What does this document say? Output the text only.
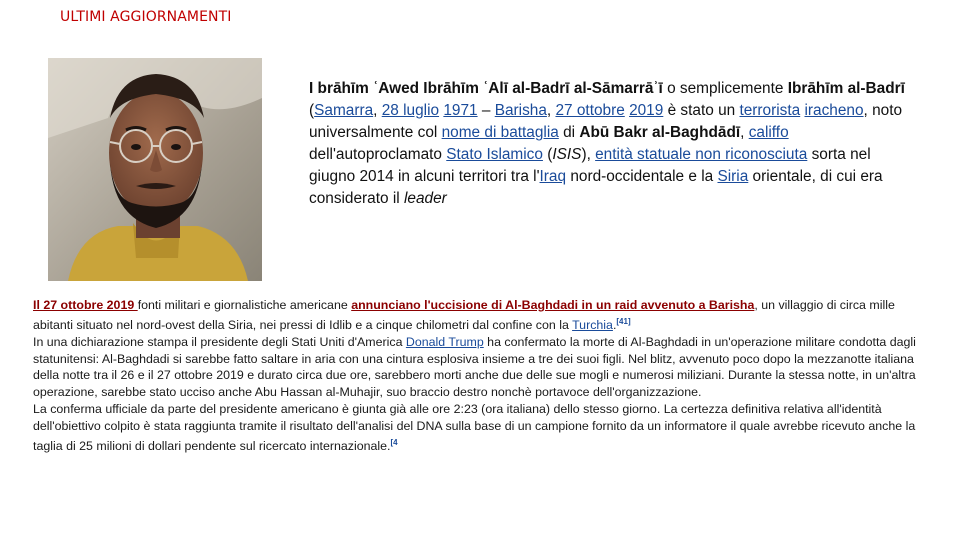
ULTIMI AGGIORNAMENTI
I brāhīm ʿAwed Ibrāhīm ʿAlī al-Badrī al-Sāmarrāʾī o semplicemente Ibrāhīm al-Badrī (Samarra, 28 luglio 1971 – Barisha, 27 ottobre 2019 è stato un terrorista iracheno, noto universalmente col nome di battaglia di Abū Bakr al-Baghdādī, califfo dell'autoproclamato Stato Islamico (ISIS), entità statuale non riconosciuta sorta nel giugno 2014 in alcuni territori tra l'Iraq nord-occidentale e la Siria orientale, di cui era considerato il leader

Il 27 ottobre 2019 fonti militari e giornalistiche americane annunciano l'uccisione di Al-Baghdadi in un raid avvenuto a Barisha, un villaggio di circa mille abitanti situato nel nord-ovest della Siria, nei pressi di Idlib e a cinque chilometri dal confine con la Turchia.[41]

In una dichiarazione stampa il presidente degli Stati Uniti d'America Donald Trump ha confermato la morte di Al-Baghdadi in un'operazione militare condotta dagli statunitensi: Al-Baghdadi si sarebbe fatto saltare in aria con una cintura esplosiva insieme a tre dei suoi figli. Nel blitz, avvenuto poco dopo la mezzanotte italiana della notte tra il 26 e il 27 ottobre 2019 e durato circa due ore, sarebbero morti anche due delle sue mogli e numerosi miliziani. Durante la stessa notte, in un'altra operazione, sarebbe stato ucciso anche Abu Hassan al-Muhajir, suo braccio destro nonchè portavoce dell'organizzazione.

La conferma ufficiale da parte del presidente americano è giunta già alle ore 2:23 (ora italiana) dello stesso giorno. La certezza definitiva relativa all'identità dell'obiettivo colpito è stata raggiunta tramite il risultato dell'analisi del DNA sulla base di un campione fornito da un informatore il quale avrebbe ricevuto anche la taglia di 25 milioni di dollari pendente sul ricercato internazionale.$^{[4}$
